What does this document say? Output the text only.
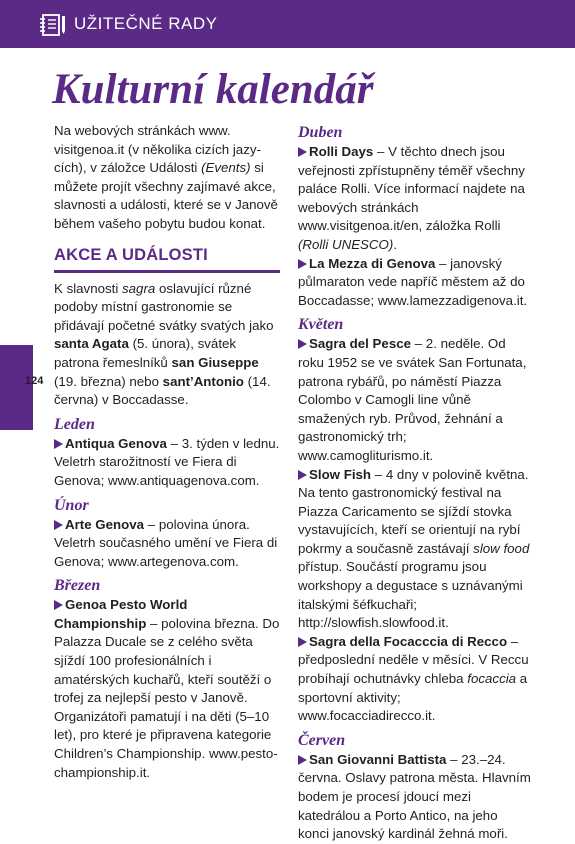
UŽITEČNÉ RADY
Kulturní kalendář
124

Na webových stránkách www. visitgenoa.it (v několika cizích jazy- cích), v záložce Události (Events) si můžete projít všechny zajímavé akce, slavnosti a události, které se v Janově během vašeho pobytu budou konat.

AKCE A UDÁLOSTI

K slavnosti sagra oslavující různé podoby místní gastronomie se přidávají početné svátky svatých jako santa Agata (5. února), svátek patrona řemeslníků san Giuseppe (19. března) nebo sant’Antonio (14. června) v Boccadasse.

Leden

Antiqua Genova – 3. týden v lednu. Veletrh starožitností ve Fiera di Genova; www.antiquagenova.com.

Únor

Arte Genova – polovina února. Veletrh současného umění ve Fiera di Genova; www.artegenova.com.

Březen

Genoa Pesto World Championship – polovina března. Do Palazza Ducale se z celého světa sjíždí 100 profesionálních i amatérských kuchařů, kteří soutěží o trofej za nejlepší pesto v Janově. Organizátoři pamatují i na děti (5–10 let), pro které je připravena kategorie Children’s Championship. www.pesto-championship.it.

Duben

Rolli Days – V těchto dnech jsou veřejnosti zpřístupněny téměř všechny paláce Rolli. Více informací najdete na webových stránkách www.visitgenoa.it/en, záložka Rolli (Rolli UNESCO).

La Mezza di Genova – janovský půlmaraton vede napříč městem až do Boccadasse; www.lamezzadigenova.it.

Květen

Sagra del Pesce – 2. neděle. Od roku 1952 se ve svátek San Fortunata, patrona rybářů, po náměstí Piazza Colombo v Camogli line vůně smažených ryb. Průvod, žehnání a gastronomický trh; www.camogliturismo.it.

Slow Fish – 4 dny v polovině května. Na tento gastronomický festival na Piazza Caricamento se sjíždí stovka vystavujících, kteří se orientují na rybí pokrmy a současně zastávají slow food přístup. Součástí programu jsou workshopy a degustace s uznávanými italskými šéfkuchaři; http://slowfish.slowfood.it.

Sagra della Focacccia di Recco – předposlední neděle v měsíci. V Reccu probíhají ochutnávky chleba focaccia a sportovní aktivity; www.focacciadirecco.it.

Červen

San Giovanni Battista – 23.–24. června. Oslavy patrona města. Hlavním bodem je procesí jdoucí mezi katedrálou a Porto Antico, na jeho konci janovský kardinál žehná moři.
